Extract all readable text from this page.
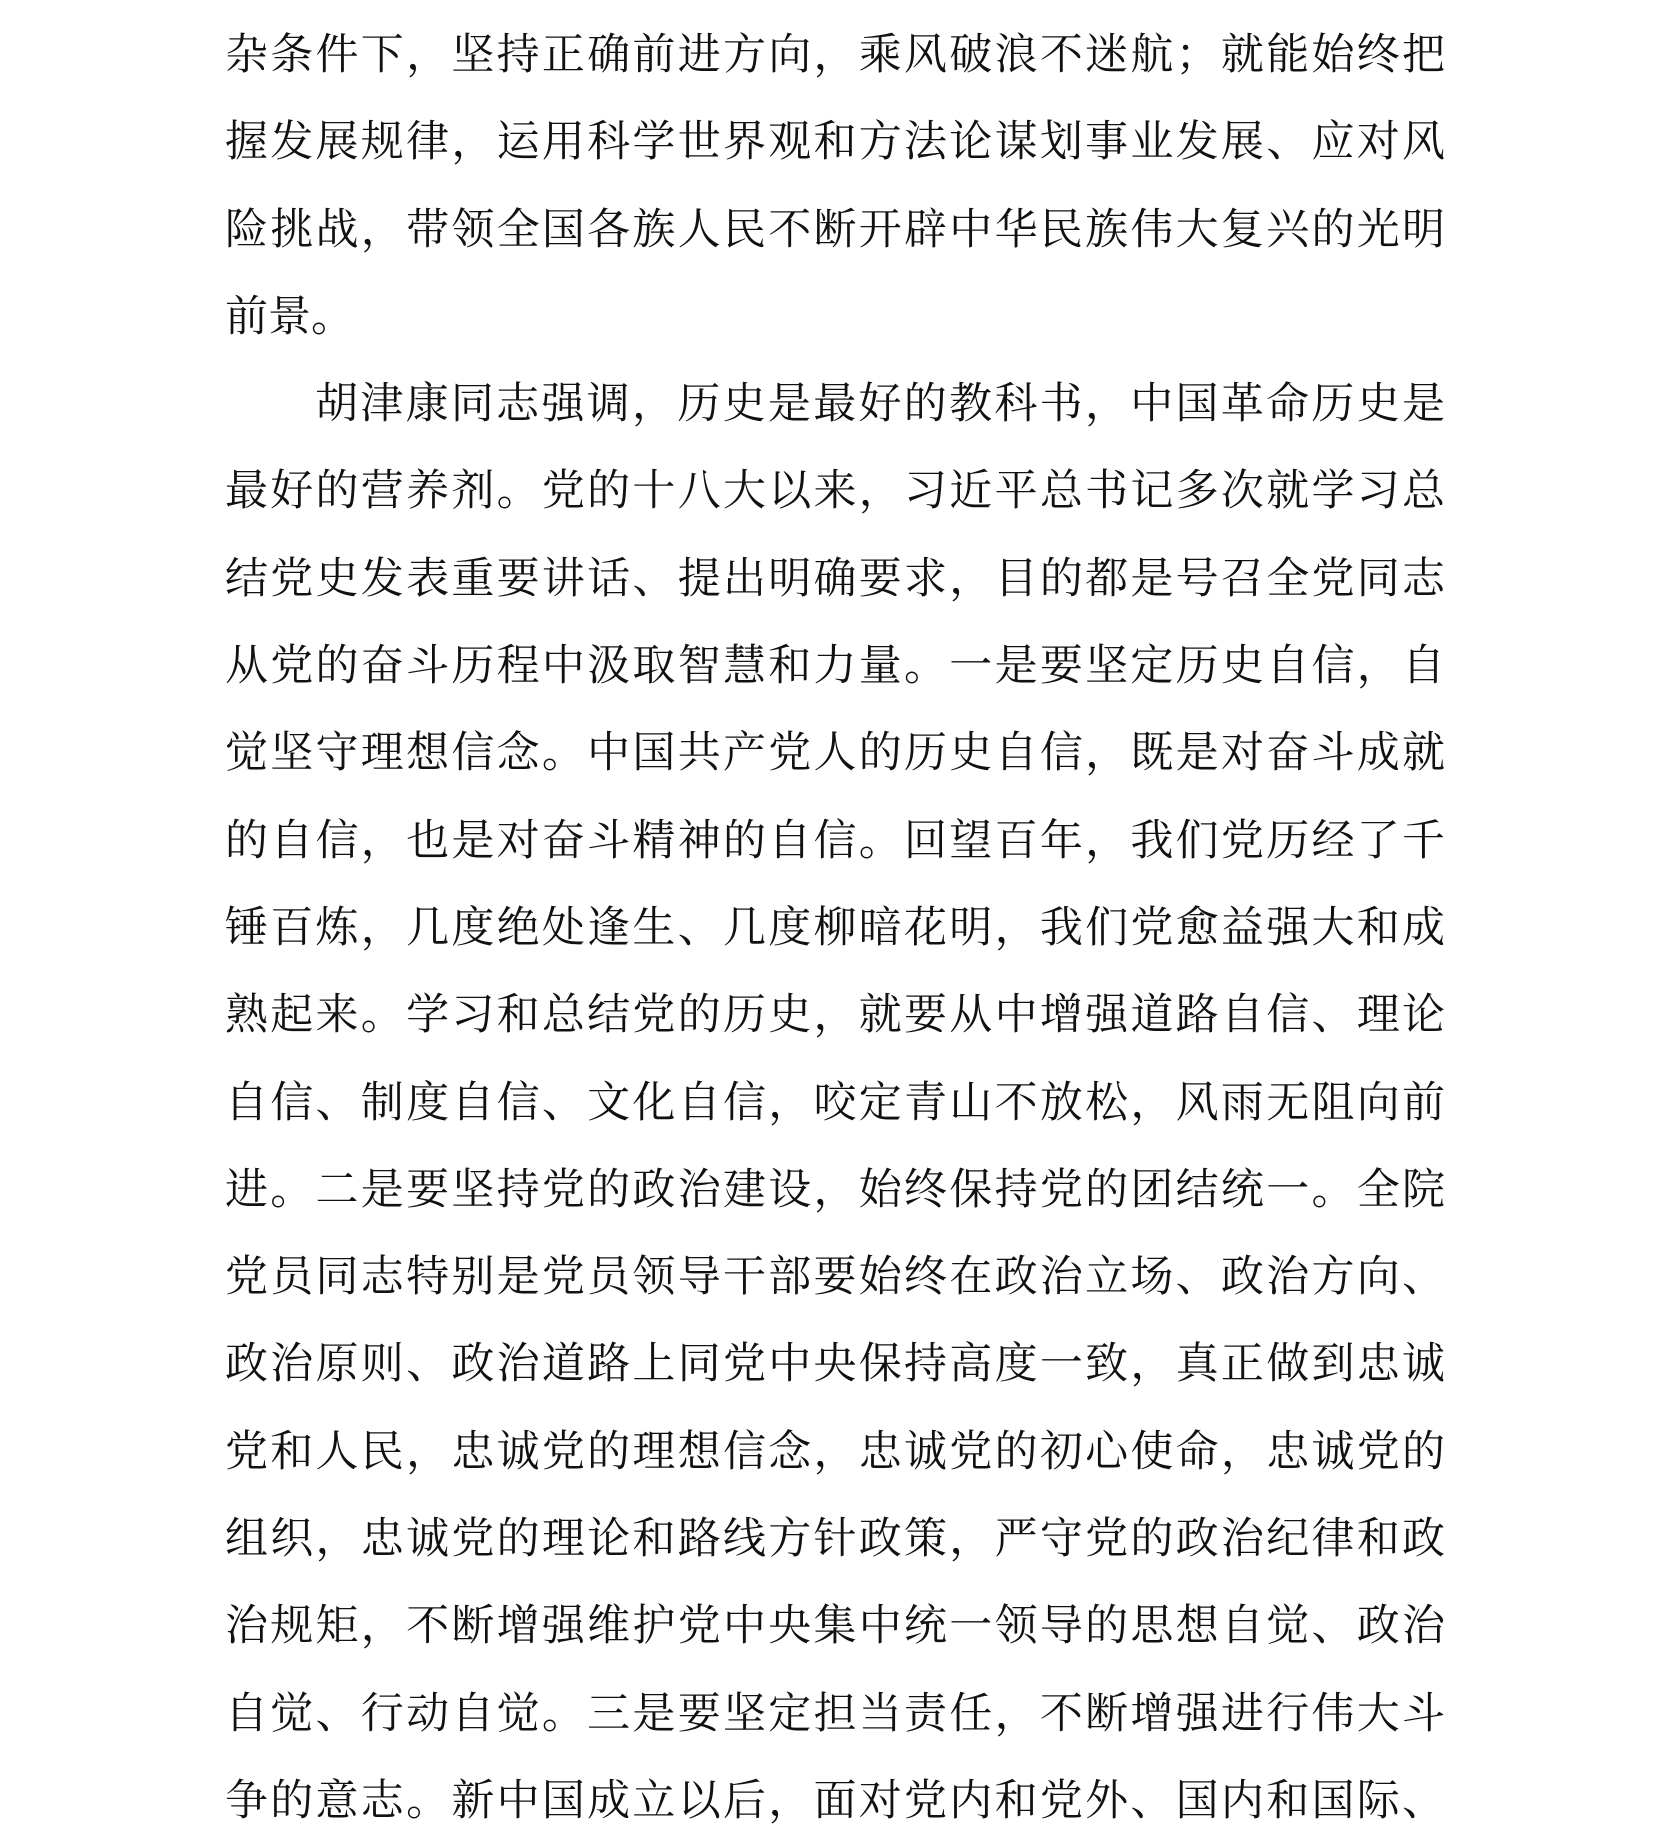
杂条件下，坚持正确前进方向，乘风破浪不迷航；就能始终把
握发展规律，运用科学世界观和方法论谋划事业发展、应对风
险挑战，带领全国各族人民不断开辟中华民族伟大复兴的光明
前景。
胡津康同志强调，历史是最好的教科书，中国革命历史是
最好的营养剂。党的十八大以来，习近平总书记多次就学习总
结党史发表重要讲话、提出明确要求，目的都是号召全党同志
从党的奋斗历程中汲取智慧和力量。一是要坚定历史自信，自
觉坚守理想信念。中国共产党人的历史自信，既是对奋斗成就
的自信，也是对奋斗精神的自信。回望百年，我们党历经了千
锤百炼，几度绝处逢生、几度柳暗花明，我们党愈益强大和成
熟起来。学习和总结党的历史，就要从中增强道路自信、理论
自信、制度自信、文化自信，咬定青山不放松，风雨无阻向前
进。二是要坚持党的政治建设，始终保持党的团结统一。全院
党员同志特别是党员领导干部要始终在政治立场、政治方向、
政治原则、政治道路上同党中央保持高度一致，真正做到忠诚
党和人民，忠诚党的理想信念，忠诚党的初心使命，忠诚党的
组织，忠诚党的理论和路线方针政策，严守党的政治纪律和政
治规矩，不断增强维护党中央集中统一领导的思想自觉、政治
自觉、行动自觉。三是要坚定担当责任，不断增强进行伟大斗
争的意志。新中国成立以后，面对党内和党外、国内和国际、
